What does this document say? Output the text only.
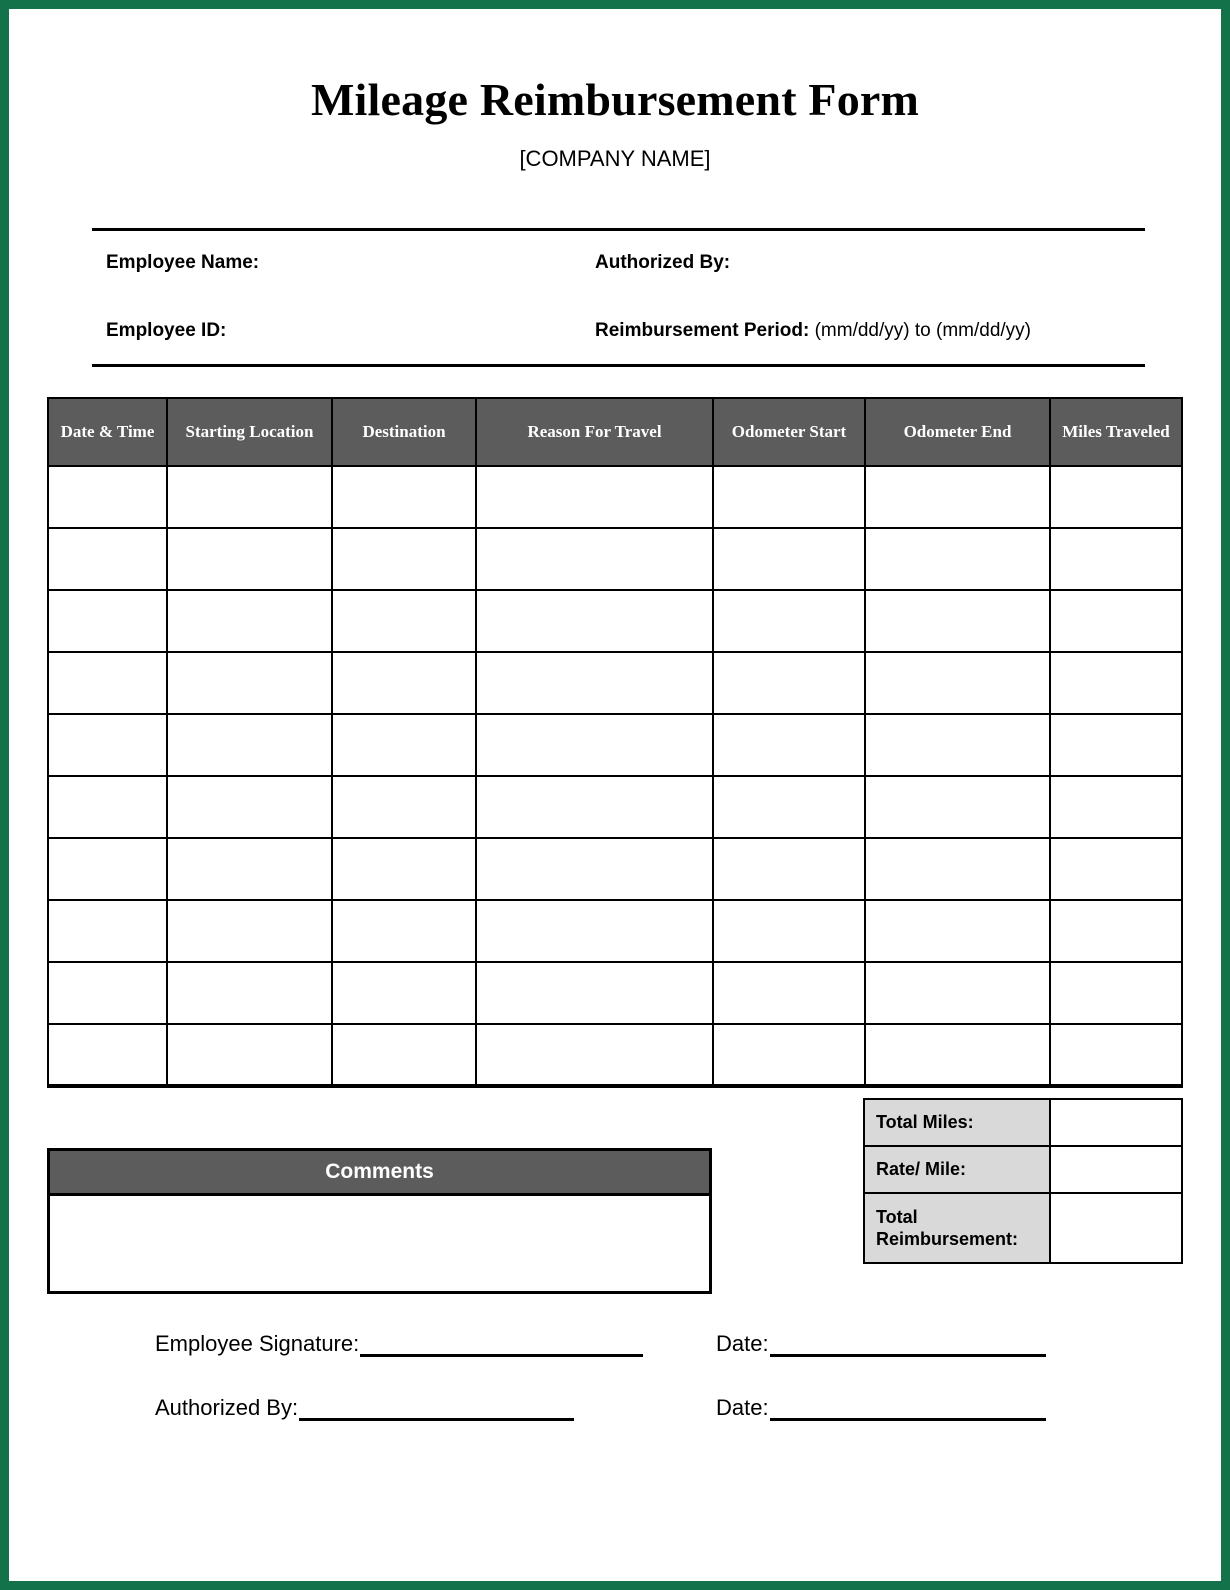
Mileage Reimbursement Form
[COMPANY NAME]
Employee Name:	Authorized By:
Employee ID:	Reimbursement Period: (mm/dd/yy) to (mm/dd/yy)
Date & Time	Starting Location	Destination	Reason For Travel	Odometer Start	Odometer End	Miles Traveled

Total Miles:	
Rate/ Mile:	
Total Reimbursement:	
Comments
Employee Signature:	Date:
Authorized By:	Date:
